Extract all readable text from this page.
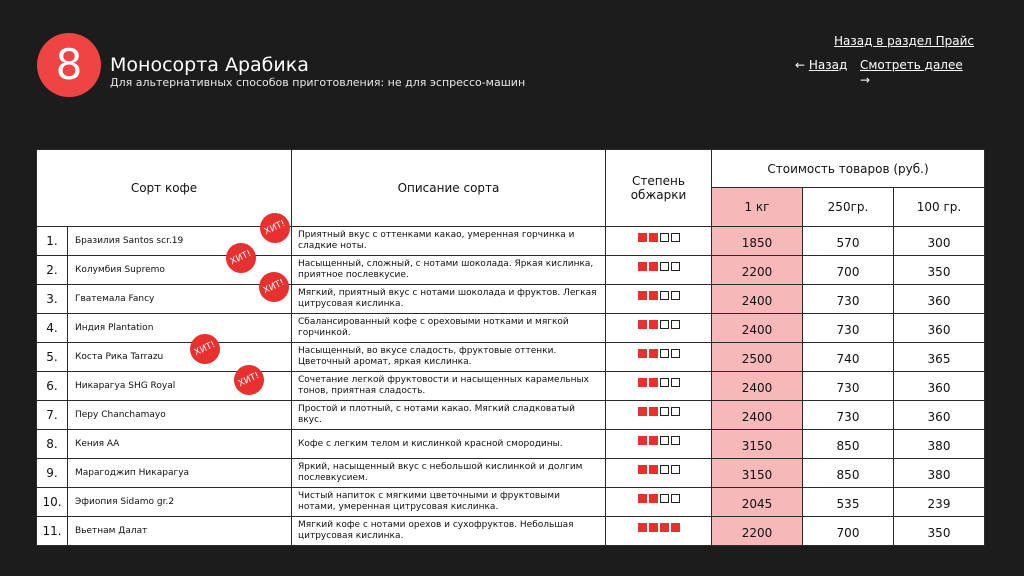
8	Моносорта Арабика
Для альтернативных способов приготовления: не для эспрессо-машин
Назад в раздел Прайс
← Назад Смотреть далее
→
Сорт кофе		Описание сорта	Степень обжарки	Стоимость товаров (руб.)		
				1 кг	250гр.	100 гр.
1.	Бразилия Santos scr.19	Приятный вкус с оттенками какао, умеренная горчинка и сладкие ноты.		1850	570	300
2.	Колумбия Supremo	Насыщенный, сложный, с нотами шоколада. Яркая кислинка, приятное послевкусие.		2200	700	350
3.	Гватемала Fancy	Мягкий, приятный вкус с нотами шоколада и фруктов. Легкая цитрусовая кислинка.		2400	730	360
4.	Индия Plantation	Сбалансированный кофе с ореховыми нотками и мягкой горчинкой.		2400	730	360
5.	Коста Рика Tarrazu	Насыщенный, во вкусе сладость, фруктовые оттенки. Цветочный аромат, яркая кислинка.		2500	740	365
6.	Никарагуа SHG Royal	Сочетание легкой фруктовости и насыщенных карамельных тонов, приятная сладость.		2400	730	360
7.	Перу Chanchamayo	Простой и плотный, с нотами какао. Мягкий сладковатый вкус.		2400	730	360
8.	Кения АА	Кофе с легким телом и кислинкой красной смородины.		3150	850	380
9.	Марагоджип Никарагуа	Яркий, насыщенный вкус с небольшой кислинкой и долгим послевкусием.		3150	850	380
10.	Эфиопия Sidamo gr.2	Чистый напиток с мягкими цветочными и фруктовыми нотами, умеренная цитрусовая кислинка.		2045	535	239
11.	Вьетнам Далат	Мягкий кофе с нотами орехов и сухофруктов. Небольшая цитрусовая кислинка.		2200	700	350
ХИТ!
ХИТ!
ХИТ!
ХИТ!
ХИТ!
